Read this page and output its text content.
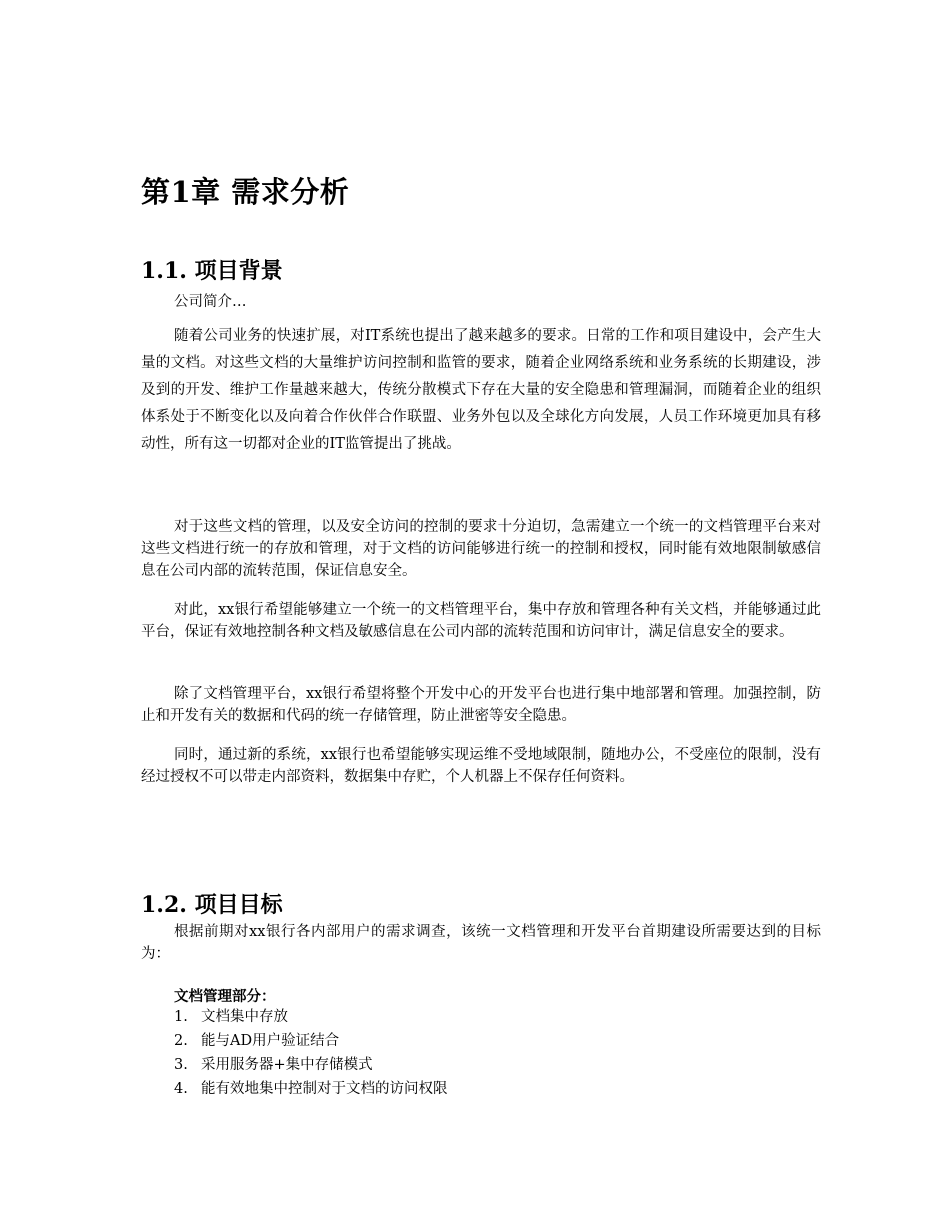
第1章 需求分析
1.1. 项目背景

公司简介…

随着公司业务的快速扩展，对IT系统也提出了越来越多的要求。日常的工作和项目建设中，会产生大量的文档。对这些文档的大量维护访问控制和监管的要求，随着企业网络系统和业务系统的长期建设，涉及到的开发、维护工作量越来越大，传统分散模式下存在大量的安全隐患和管理漏洞，而随着企业的组织体系处于不断变化以及向着合作伙伴合作联盟、业务外包以及全球化方向发展，人员工作环境更加具有移动性，所有这一切都对企业的IT监管提出了挑战。

对于这些文档的管理，以及安全访问的控制的要求十分迫切，急需建立一个统一的文档管理平台来对这些文档进行统一的存放和管理，对于文档的访问能够进行统一的控制和授权，同时能有效地限制敏感信息在公司内部的流转范围，保证信息安全。

对此，xx银行希望能够建立一个统一的文档管理平台，集中存放和管理各种有关文档，并能够通过此平台，保证有效地控制各种文档及敏感信息在公司内部的流转范围和访问审计，满足信息安全的要求。

除了文档管理平台，xx银行希望将整个开发中心的开发平台也进行集中地部署和管理。加强控制，防止和开发有关的数据和代码的统一存储管理，防止泄密等安全隐患。

同时，通过新的系统，xx银行也希望能够实现运维不受地域限制，随地办公，不受座位的限制，没有经过授权不可以带走内部资料，数据集中存贮，个人机器上不保存任何资料。

1.2. 项目目标

根据前期对xx银行各内部用户的需求调查，该统一文档管理和开发平台首期建设所需要达到的目标为：

文档管理部分：

1. 文档集中存放
2. 能与AD用户验证结合
3. 采用服务器+集中存储模式
4. 能有效地集中控制对于文档的访问权限
